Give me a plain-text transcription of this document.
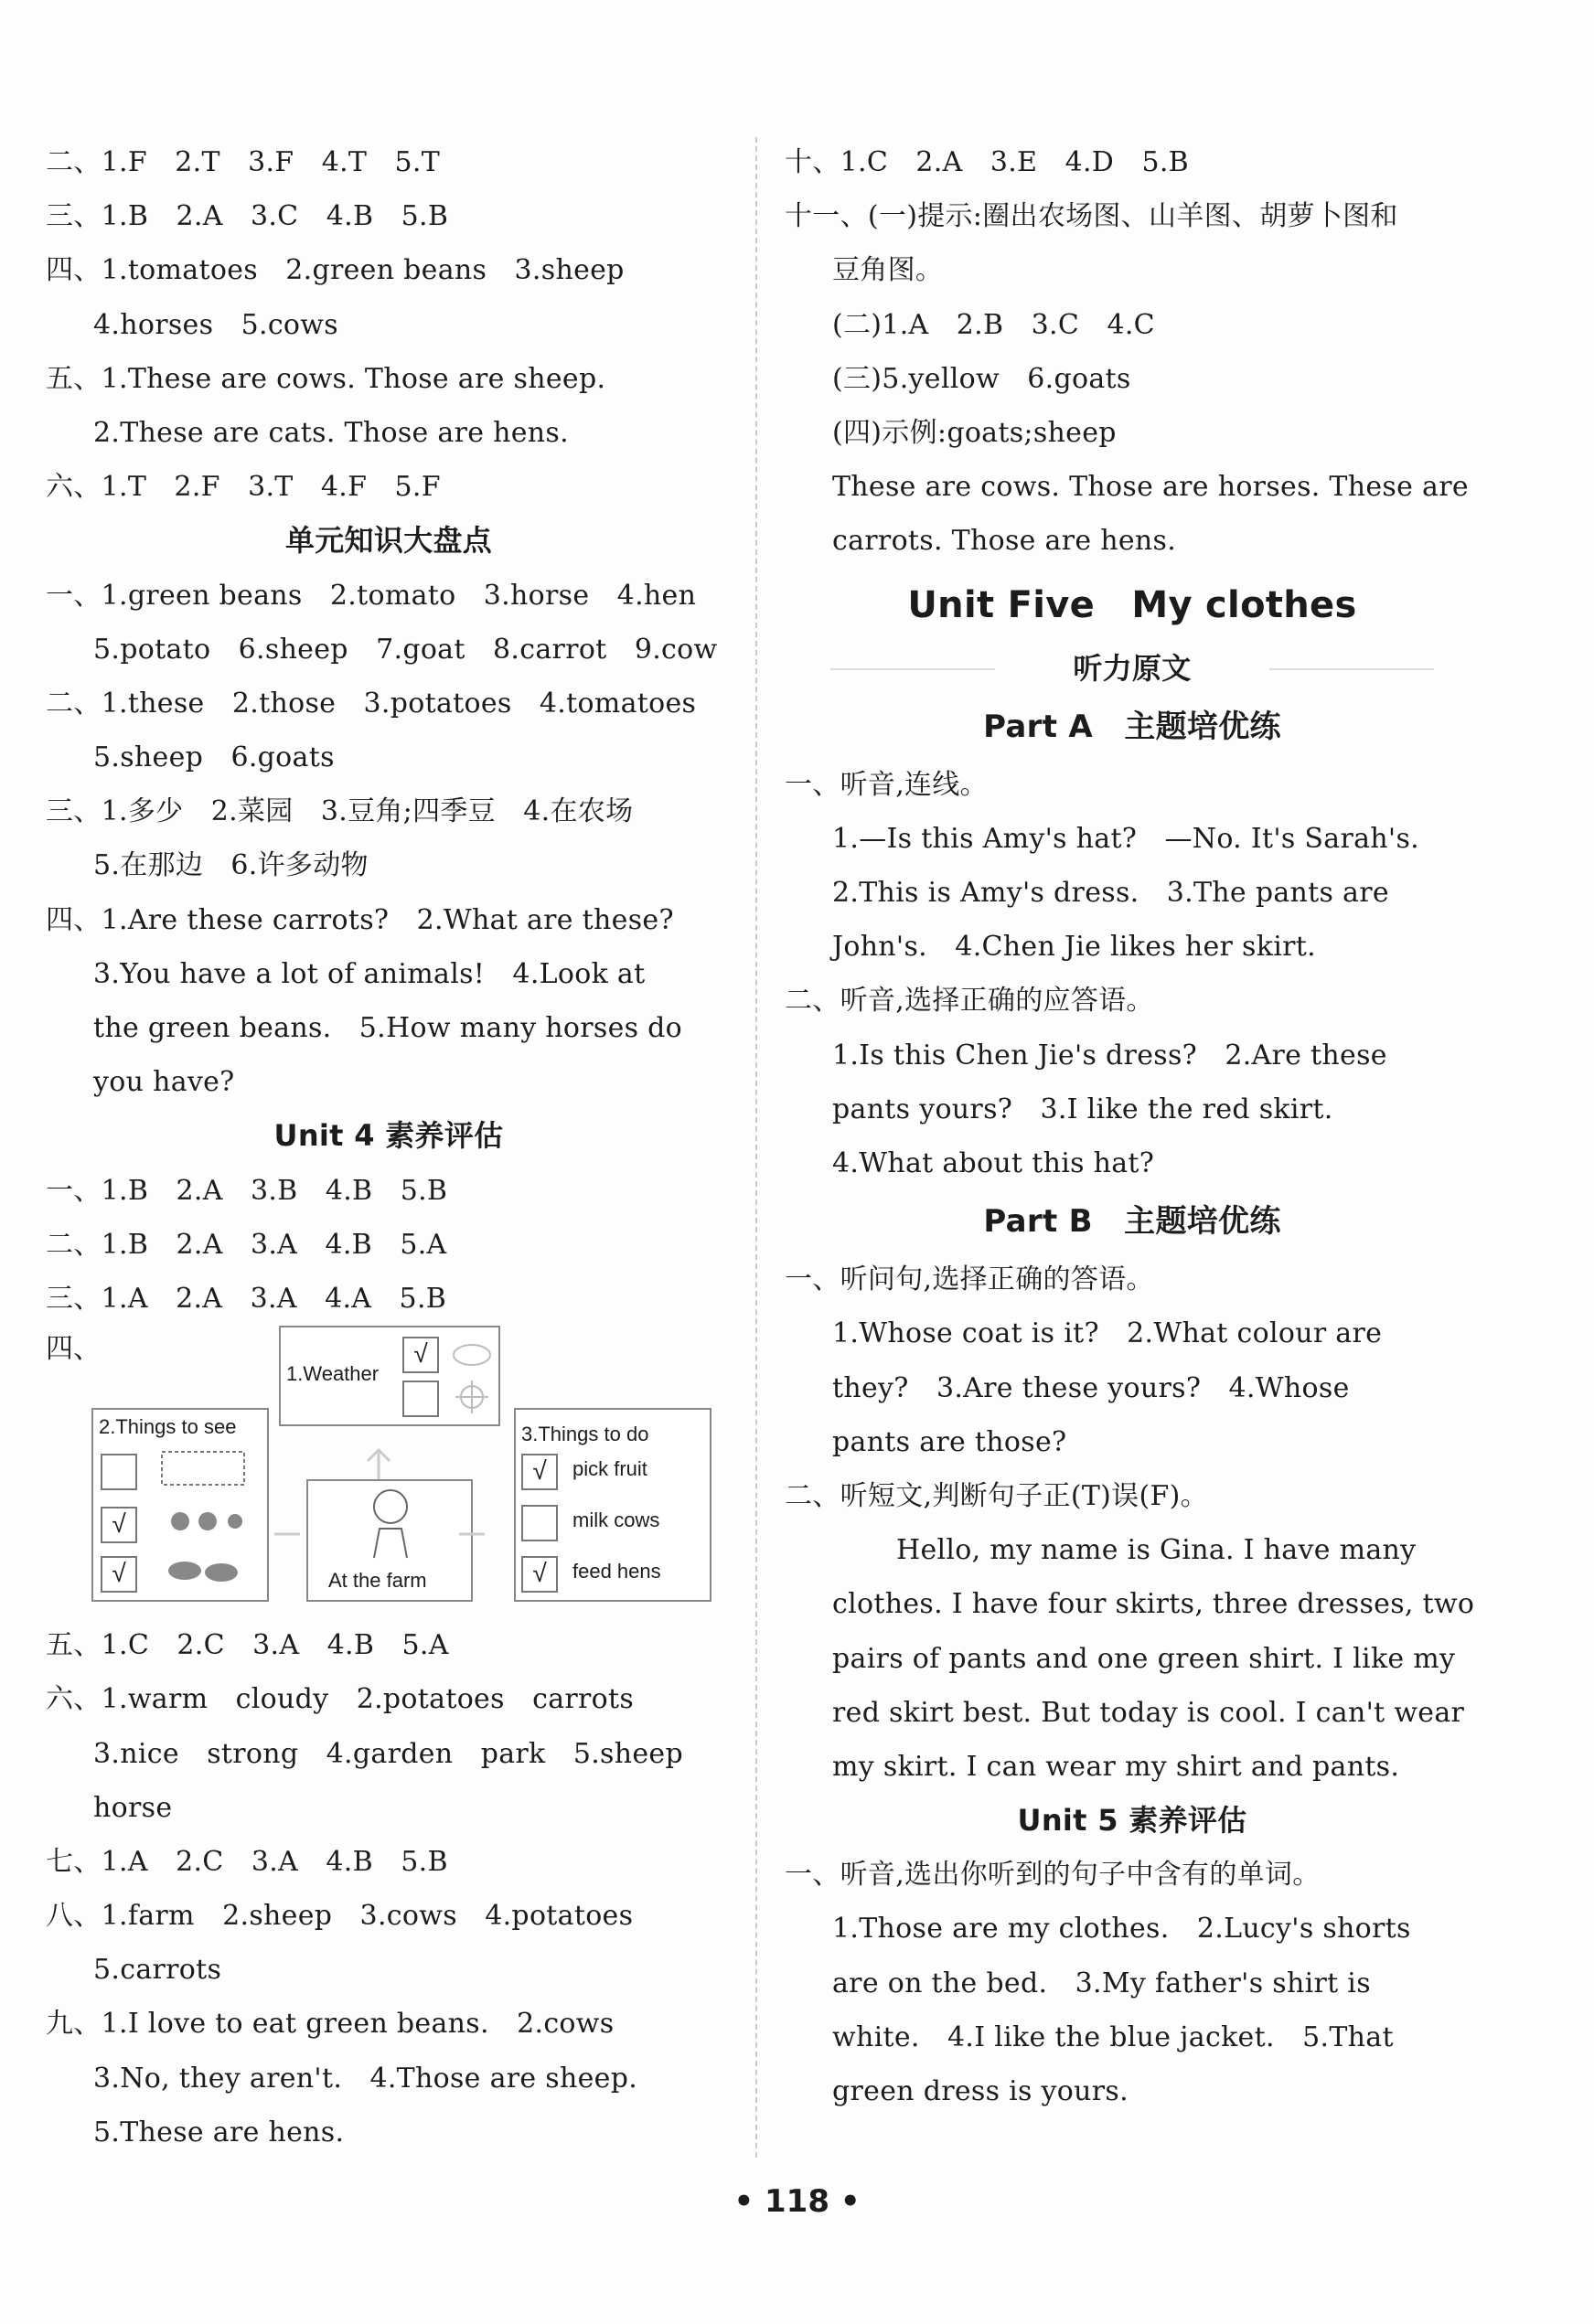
二、1.F　2.T　3.F　4.T　5.T
三、1.B　2.A　3.C　4.B　5.B
四、1.tomatoes　2.green beans　3.sheep
4.horses　5.cows
五、1.These are cows. Those are sheep.
2.These are cats. Those are hens.
六、1.T　2.F　3.T　4.F　5.F
单元知识大盘点
一、1.green beans　2.tomato　3.horse　4.hen
5.potato　6.sheep　7.goat　8.carrot　9.cow
二、1.these　2.those　3.potatoes　4.tomatoes
5.sheep　6.goats
三、1.多少　2.菜园　3.豆角;四季豆　4.在农场
5.在那边　6.许多动物
四、1.Are these carrots?　2.What are these?
3.You have a lot of animals!　4.Look at
the green beans.　5.How many horses do
you have?
Unit 4 素养评估
一、1.B　2.A　3.B　4.B　5.B
二、1.B　2.A　3.A　4.B　5.A
三、1.A　2.A　3.A　4.A　5.B
四、
1.Weather
√
2.Things to see
√
√	At the farm
3.Things to do
√	pick fruit
milk cows
√	feed hens
五、1.C　2.C　3.A　4.B　5.A
六、1.warm　cloudy　2.potatoes　carrots
3.nice　strong　4.garden　park　5.sheep
horse
七、1.A　2.C　3.A　4.B　5.B
八、1.farm　2.sheep　3.cows　4.potatoes
5.carrots
九、1.I love to eat green beans.　2.cows
3.No, they aren't.　4.Those are sheep.
5.These are hens.
十、1.C　2.A　3.E　4.D　5.B
十一、(一)提示:圈出农场图、山羊图、胡萝卜图和
豆角图。
(二)1.A　2.B　3.C　4.C
(三)5.yellow　6.goats
(四)示例:goats;sheep
These are cows. Those are horses. These are
carrots. Those are hens.
Unit Five　My clothes
听力原文
Part A　主题培优练
一、听音,连线。
1.—Is this Amy's hat?　—No. It's Sarah's.
2.This is Amy's dress.　3.The pants are
John's.　4.Chen Jie likes her skirt.
二、听音,选择正确的应答语。
1.Is this Chen Jie's dress?　2.Are these
pants yours?　3.I like the red skirt.
4.What about this hat?
Part B　主题培优练
一、听问句,选择正确的答语。
1.Whose coat is it?　2.What colour are
they?　3.Are these yours?　4.Whose
pants are those?
二、听短文,判断句子正(T)误(F)。
Hello, my name is Gina. I have many
clothes. I have four skirts, three dresses, two
pairs of pants and one green shirt. I like my
red skirt best. But today is cool. I can't wear
my skirt. I can wear my shirt and pants.
Unit 5 素养评估
一、听音,选出你听到的句子中含有的单词。
1.Those are my clothes.　2.Lucy's shorts
are on the bed.　3.My father's shirt is
white.　4.I like the blue jacket.　5.That
green dress is yours.
• 118 •
